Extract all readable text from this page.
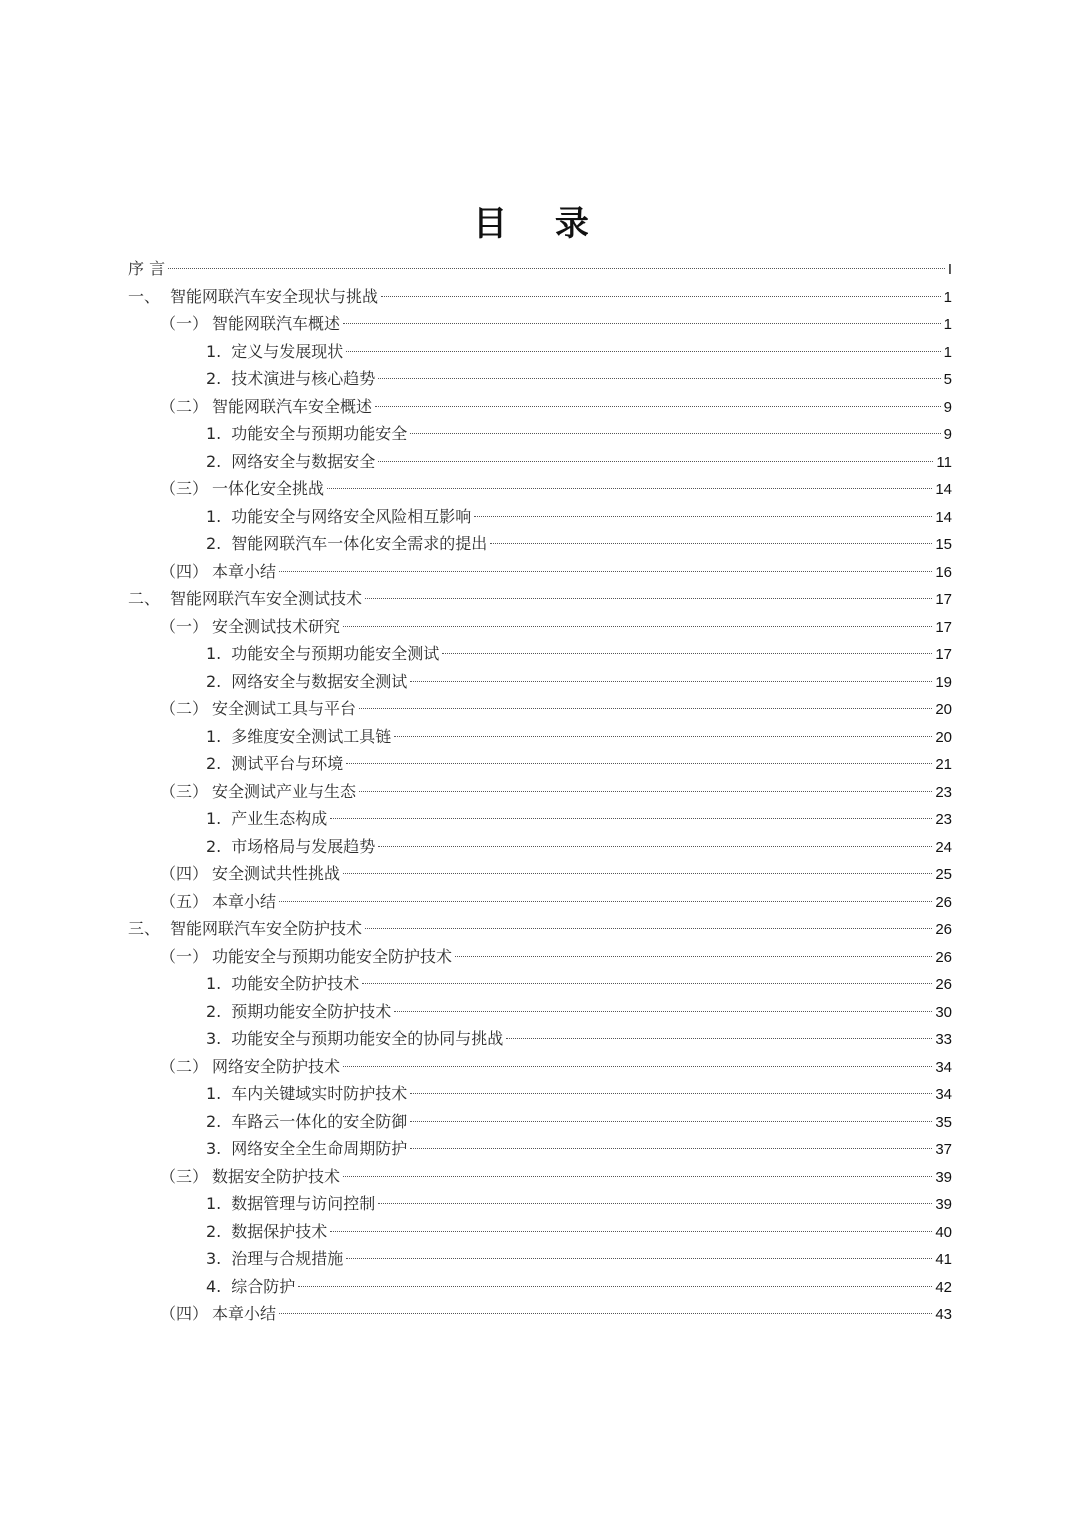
目 录
序 言	I
一、 智能网联汽车安全现状与挑战	1
（一） 智能网联汽车概述	1
1. 定义与发展现状	1
2. 技术演进与核心趋势	5
（二） 智能网联汽车安全概述	9
1. 功能安全与预期功能安全	9
2. 网络安全与数据安全	11
（三） 一体化安全挑战	14
1. 功能安全与网络安全风险相互影响	14
2. 智能网联汽车一体化安全需求的提出	15
（四） 本章小结	16
二、 智能网联汽车安全测试技术	17
（一） 安全测试技术研究	17
1. 功能安全与预期功能安全测试	17
2. 网络安全与数据安全测试	19
（二） 安全测试工具与平台	20
1. 多维度安全测试工具链	20
2. 测试平台与环境	21
（三） 安全测试产业与生态	23
1. 产业生态构成	23
2. 市场格局与发展趋势	24
（四） 安全测试共性挑战	25
（五） 本章小结	26
三、 智能网联汽车安全防护技术	26
（一） 功能安全与预期功能安全防护技术	26
1. 功能安全防护技术	26
2. 预期功能安全防护技术	30
3. 功能安全与预期功能安全的协同与挑战	33
（二） 网络安全防护技术	34
1. 车内关键域实时防护技术	34
2. 车路云一体化的安全防御	35
3. 网络安全全生命周期防护	37
（三） 数据安全防护技术	39
1. 数据管理与访问控制	39
2. 数据保护技术	40
3. 治理与合规措施	41
4. 综合防护	42
（四） 本章小结	43
